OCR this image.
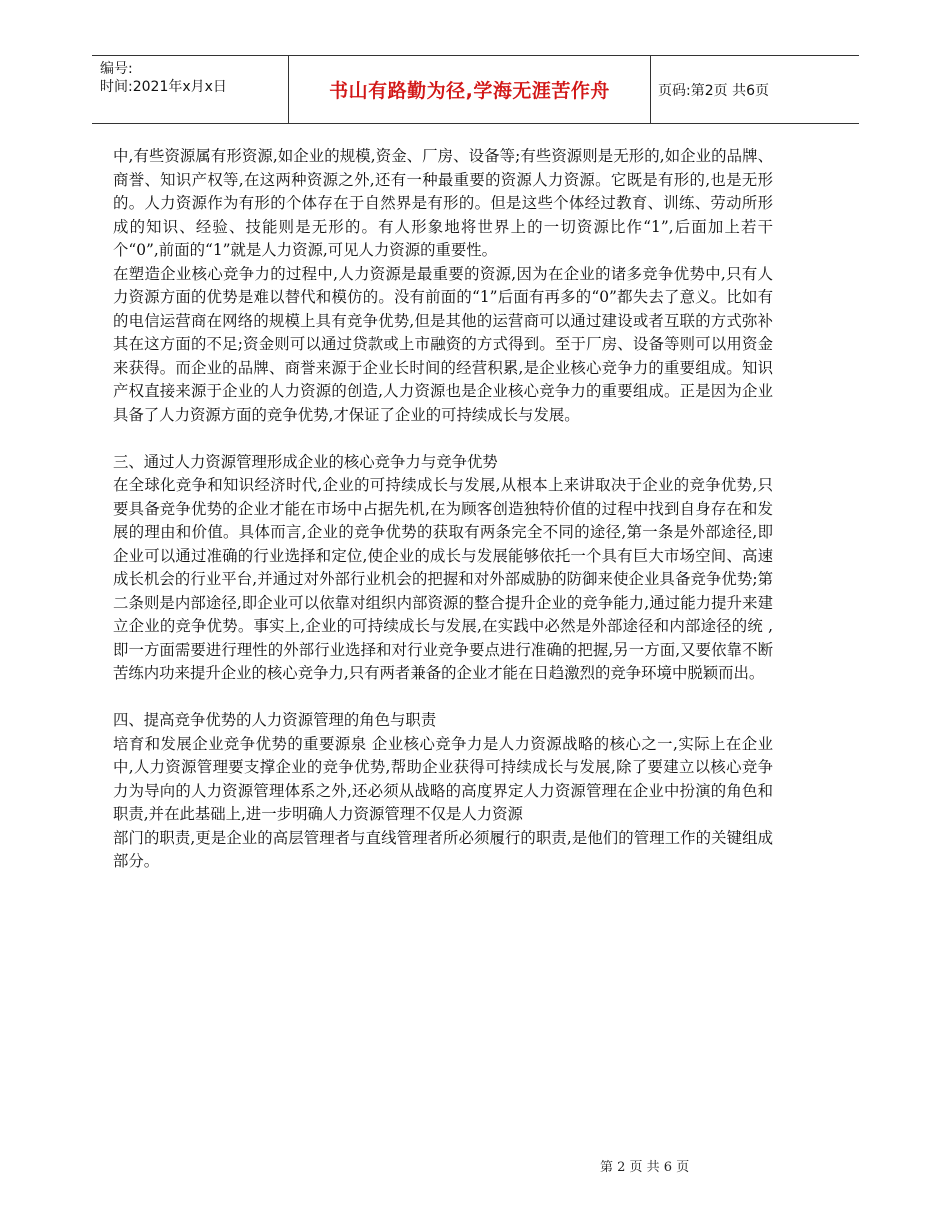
编号:
时间:2021年x月x日	书山有路勤为径,学海无涯苦作舟	页码:第2页 共6页

中,有些资源属有形资源,如企业的规模,资金、厂房、设备等;有些资源则是无形的,如企业的品牌、商誉、知识产权等,在这两种资源之外,还有一种最重要的资源人力资源。它既是有形的,也是无形的。人力资源作为有形的个体存在于自然界是有形的。但是这些个体经过教育、训练、劳动所形成的知识、经验、技能则是无形的。有人形象地将世界上的一切资源比作“1”,后面加上若干个“0”,前面的“1”就是人力资源,可见人力资源的重要性。

在塑造企业核心竞争力的过程中,人力资源是最重要的资源,因为在企业的诸多竞争优势中,只有人力资源方面的优势是难以替代和模仿的。没有前面的“1”后面有再多的“0”都失去了意义。比如有的电信运营商在网络的规模上具有竞争优势,但是其他的运营商可以通过建设或者互联的方式弥补其在这方面的不足;资金则可以通过贷款或上市融资的方式得到。至于厂房、设备等则可以用资金来获得。而企业的品牌、商誉来源于企业长时间的经营积累,是企业核心竞争力的重要组成。知识产权直接来源于企业的人力资源的创造,人力资源也是企业核心竞争力的重要组成。正是因为企业具备了人力资源方面的竞争优势,才保证了企业的可持续成长与发展。

三、通过人力资源管理形成企业的核心竞争力与竞争优势

在全球化竞争和知识经济时代,企业的可持续成长与发展,从根本上来讲取决于企业的竞争优势,只要具备竞争优势的企业才能在市场中占据先机,在为顾客创造独特价值的过程中找到自身存在和发展的理由和价值。具体而言,企业的竞争优势的获取有两条完全不同的途径,第一条是外部途径,即企业可以通过准确的行业选择和定位,使企业的成长与发展能够依托一个具有巨大市场空间、高速成长机会的行业平台,并通过对外部行业机会的把握和对外部威胁的防御来使企业具备竞争优势;第二条则是内部途径,即企业可以依靠对组织内部资源的整合提升企业的竞争能力,通过能力提升来建立企业的竞争优势。事实上,企业的可持续成长与发展,在实践中必然是外部途径和内部途径的统 ,即一方面需要进行理性的外部行业选择和对行业竞争要点进行准确的把握,另一方面,又要依靠不断苦练内功来提升企业的核心竞争力,只有两者兼备的企业才能在日趋激烈的竞争环境中脱颖而出。

四、提高竞争优势的人力资源管理的角色与职责

培育和发展企业竞争优势的重要源泉 企业核心竞争力是人力资源战略的核心之一,实际上在企业中,人力资源管理要支撑企业的竞争优势,帮助企业获得可持续成长与发展,除了要建立以核心竞争力为导向的人力资源管理体系之外,还必须从战略的高度界定人力资源管理在企业中扮演的角色和职责,并在此基础上,进一步明确人力资源管理不仅是人力资源

部门的职责,更是企业的高层管理者与直线管理者所必须履行的职责,是他们的管理工作的关键组成部分。

第 2 页 共 6 页
